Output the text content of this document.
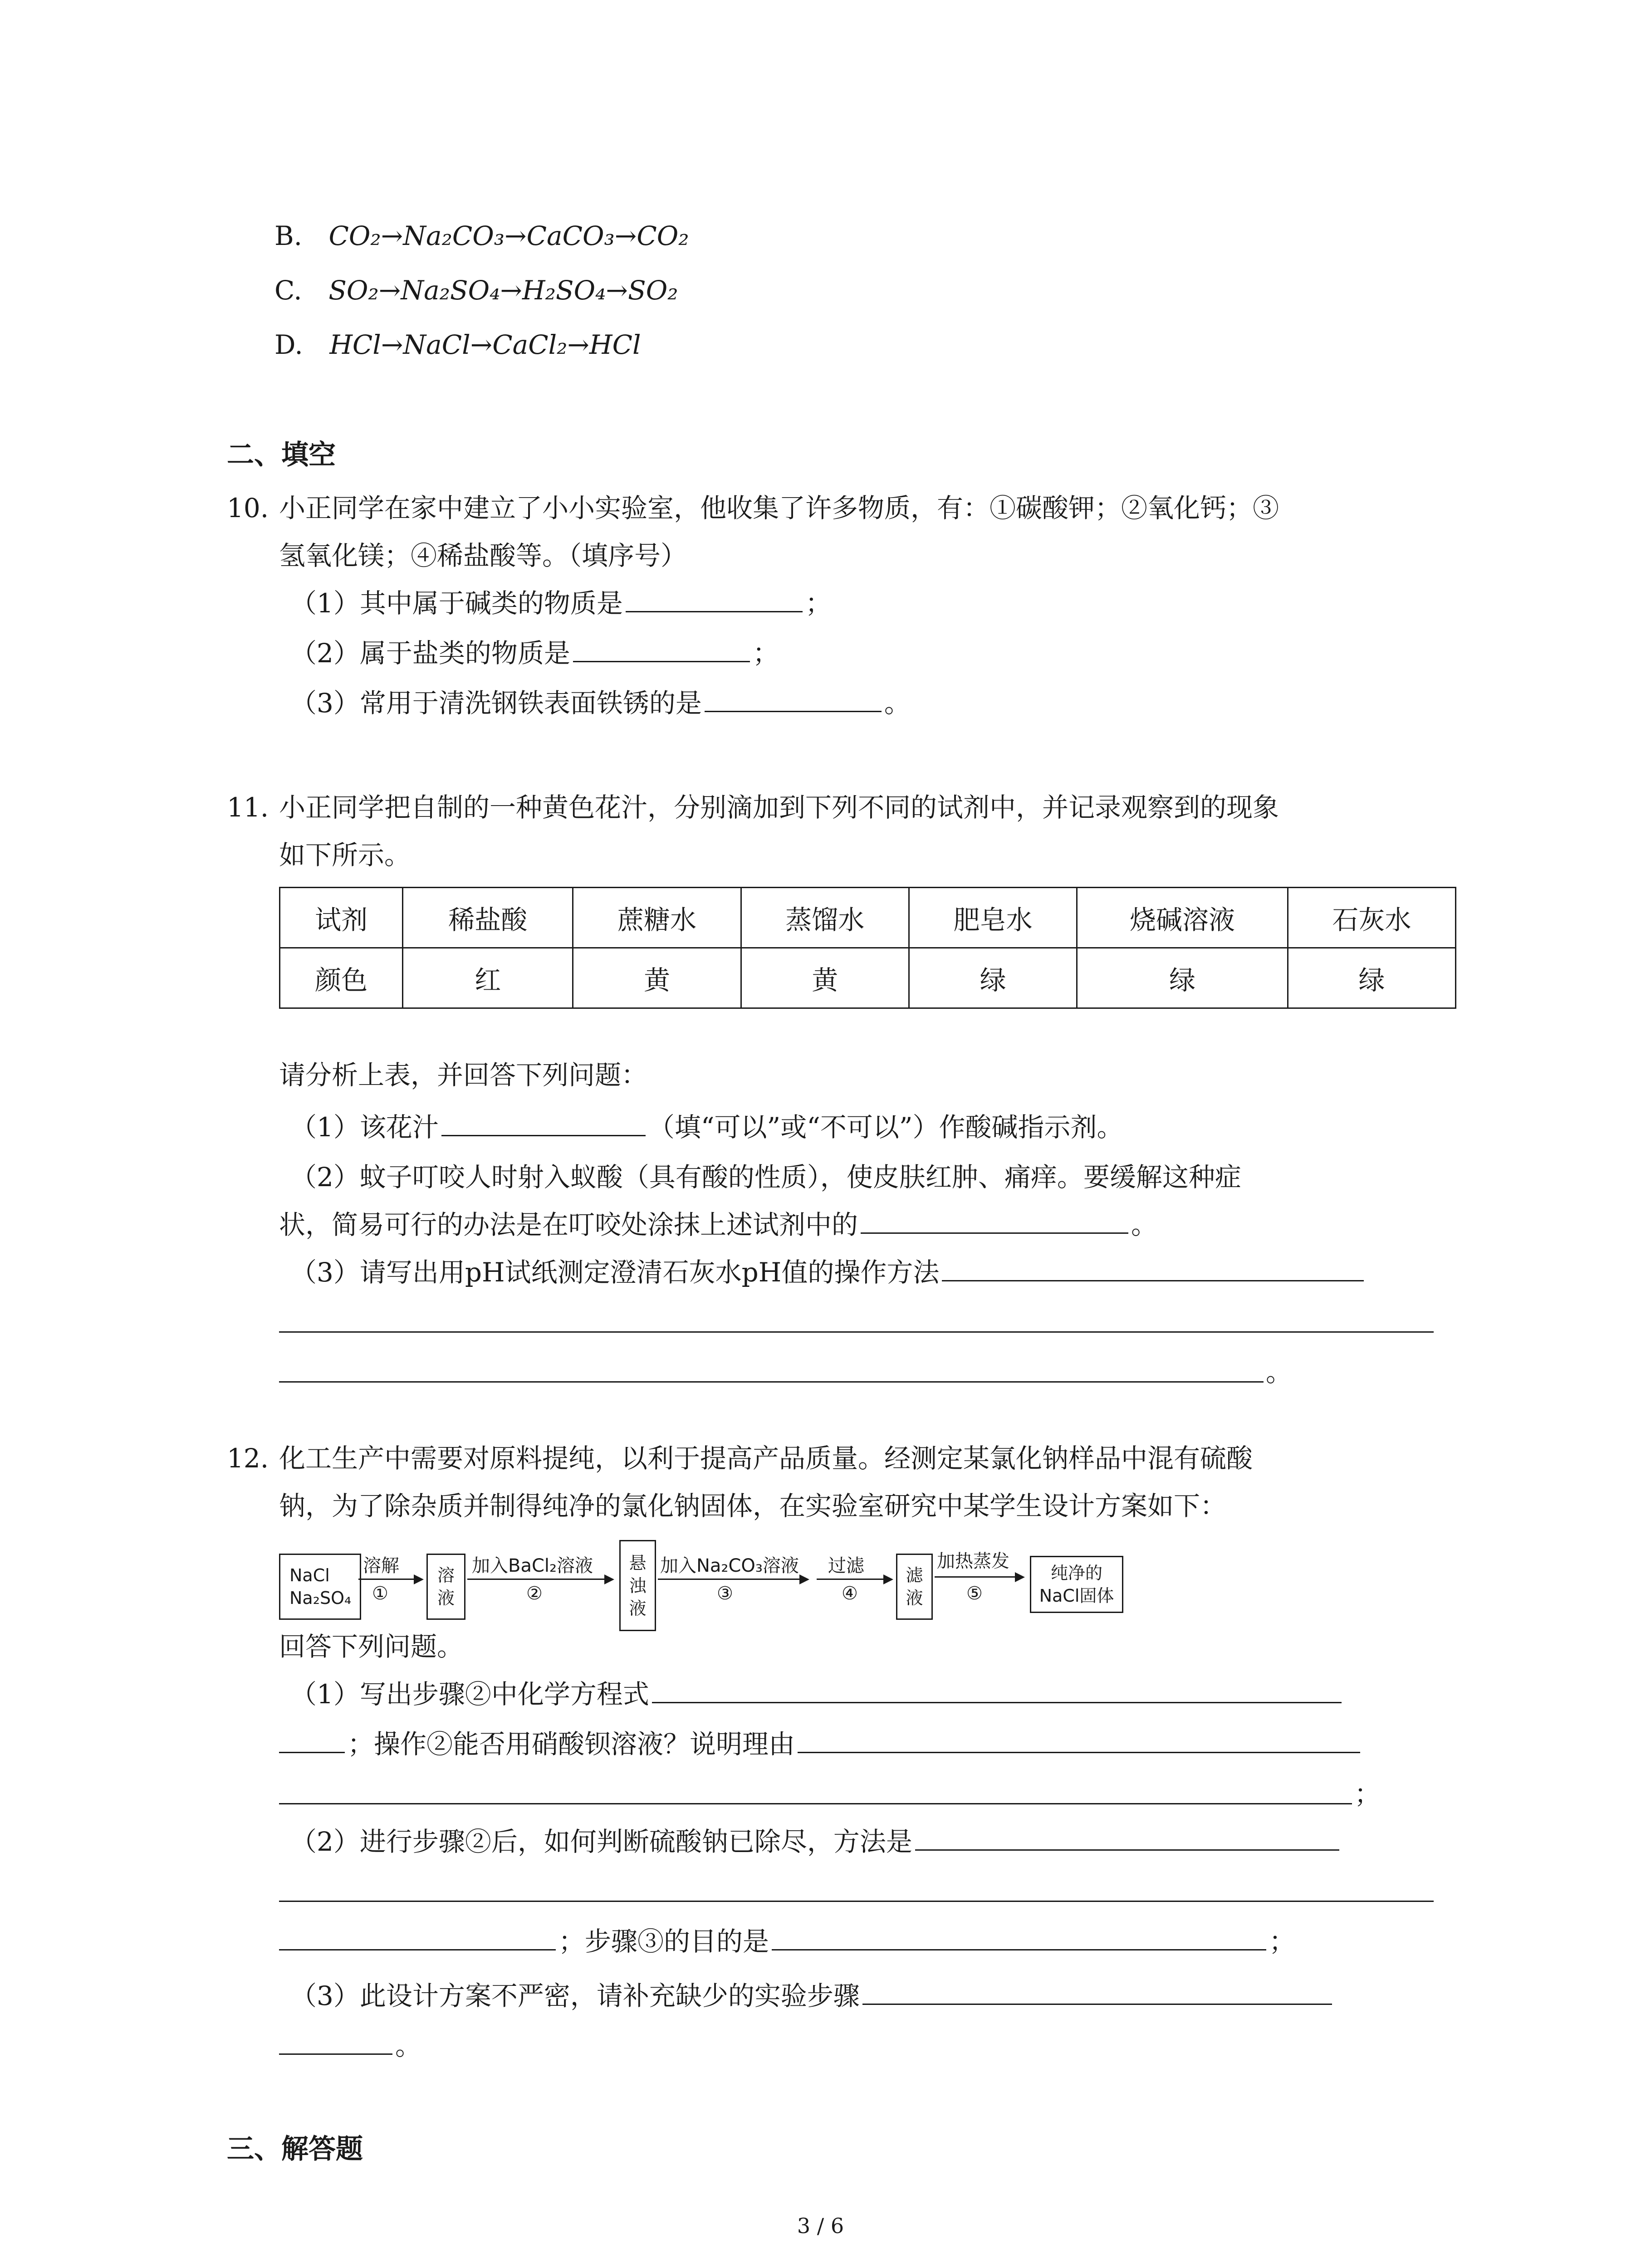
B. CO₂→Na₂CO₃→CaCO₃→CO₂
C. SO₂→Na₂SO₄→H₂SO₄→SO₂
D. HCl→NaCl→CaCl₂→HCl
二、填空
10. 小正同学在家中建立了小小实验室，他收集了许多物质，有：①碳酸钾；②氧化钙；③
氢氧化镁；④稀盐酸等。（填序号）
（1）其中属于碱类的物质是	；
（2）属于盐类的物质是	；
（3）常用于清洗钢铁表面铁锈的是	。
11. 小正同学把自制的一种黄色花汁，分别滴加到下列不同的试剂中，并记录观察到的现象
如下所示。
试剂	稀盐酸	蔗糖水	蒸馏水	肥皂水	烧碱溶液	石灰水
颜色	红	黄	黄	绿	绿	绿
请分析上表，并回答下列问题：
（1）该花汁	（填“可以”或“不可以”）作酸碱指示剂。
（2）蚊子叮咬人时射入蚁酸（具有酸的性质），使皮肤红肿、痛痒。要缓解这种症
状，简易可行的办法是在叮咬处涂抹上述试剂中的	。
（3）请写出用pH试纸测定澄清石灰水pH值的操作方法
。
12. 化工生产中需要对原料提纯，以利于提高产品质量。经测定某氯化钠样品中混有硫酸
钠，为了除杂质并制得纯净的氯化钠固体，在实验室研究中某学生设计方案如下：
NaCl
Na₂SO₄
溶解
①
溶
液
加入BaCl₂溶液
②
悬
浊
液
加入Na₂CO₃溶液
③
过滤
④
滤
液
加热蒸发
⑤
纯净的
NaCl固体
回答下列问题。
（1）写出步骤②中化学方程式
；操作②能否用硝酸钡溶液？说明理由
；
（2）进行步骤②后，如何判断硫酸钠已除尽，方法是
；步骤③的目的是	；
（3）此设计方案不严密，请补充缺少的实验步骤
。
三、解答题
3 / 6
